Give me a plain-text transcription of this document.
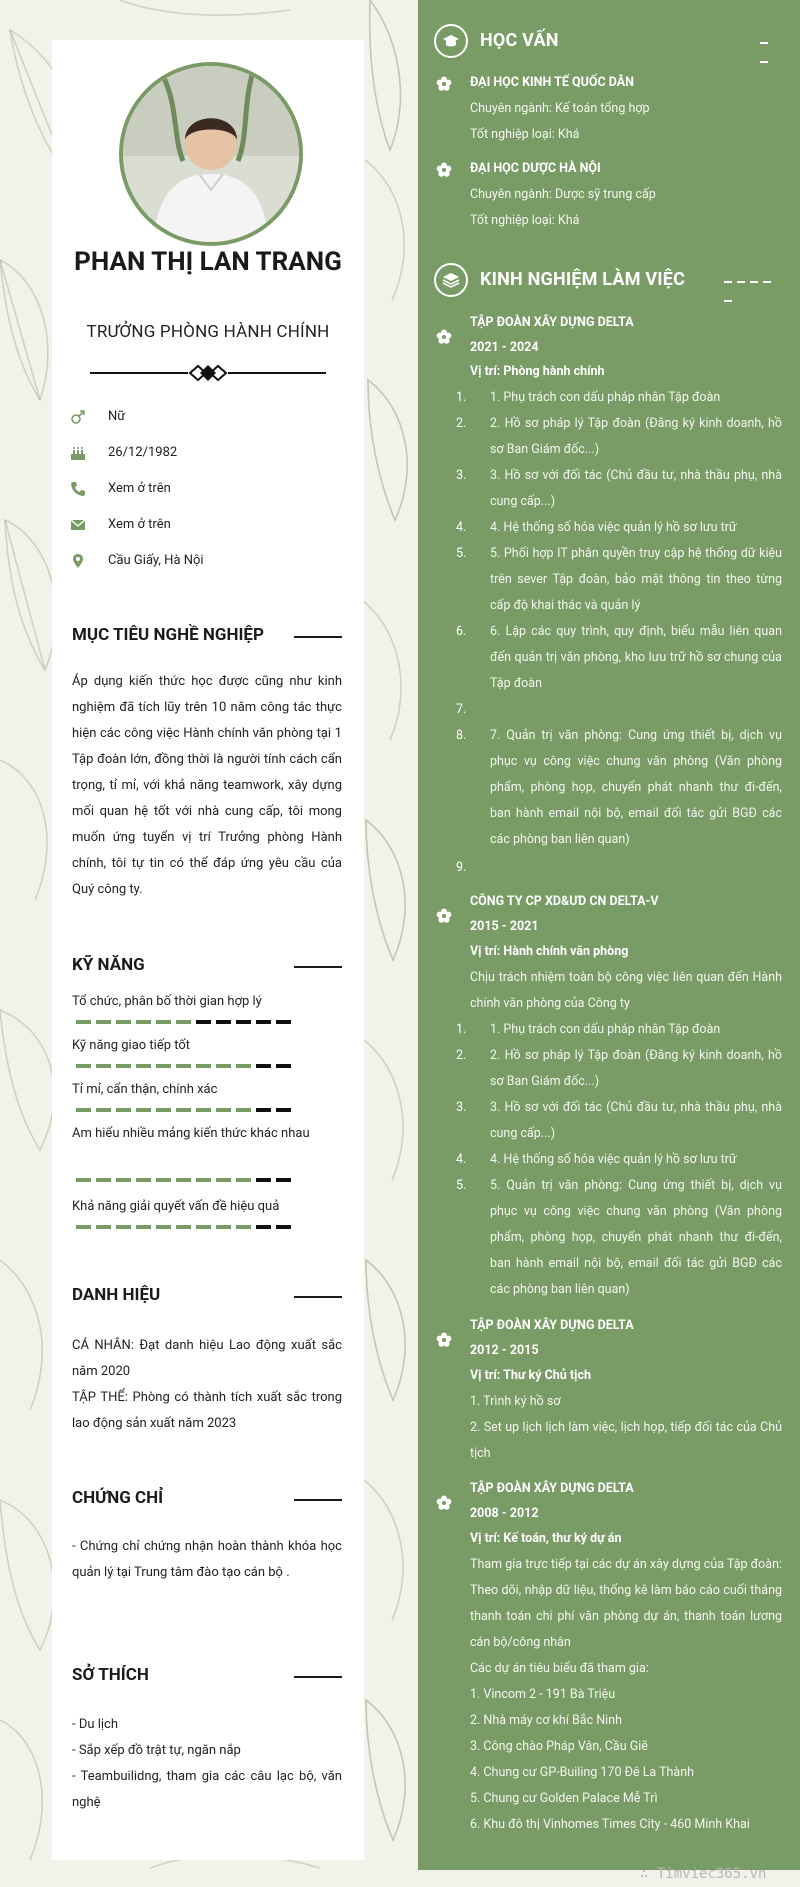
PHAN THỊ LAN TRANG
TRƯỞNG PHÒNG HÀNH CHÍNH
Nữ
26/12/1982
Xem ở trên
Xem ở trên
Cầu Giấy, Hà Nội
MỤC TIÊU NGHỀ NGHIỆP
Áp dụng kiến thức học được cũng như kinh nghiệm đã tích lũy trên 10 năm công tác thực hiện các công việc Hành chính văn phòng tại 1 Tập đoàn lớn, đồng thời là người tính cách cẩn trọng, tỉ mỉ, với khả năng teamwork, xây dựng mối quan hệ tốt với nhà cung cấp, tôi mong muốn ứng tuyển vị trí Trưởng phòng Hành chính, tôi tự tin có thể đáp ứng yêu cầu của Quý công ty.
KỸ NĂNG
Tổ chức, phân bố thời gian hợp lý
Kỹ năng giao tiếp tốt
Tỉ mỉ, cẩn thận, chính xác
Am hiểu nhiều mảng kiến thức khác nhau
Khả năng giải quyết vấn đề hiệu quả
DANH HIỆU
CÁ NHÂN: Đạt danh hiệu Lao động xuất sắc năm 2020
TẬP THỂ: Phòng có thành tích xuất sắc trong lao động sản xuất năm 2023
CHỨNG CHỈ
- Chứng chỉ chứng nhận hoàn thành khóa học quản lý tại Trung tâm đào tạo cán bộ .
SỞ THÍCH
- Du lịch
- Sắp xếp đồ trật tự, ngăn nắp
- Teambuilidng, tham gia các câu lạc bộ, văn nghệ
HỌC VẤN
ĐẠI HỌC KINH TẾ QUỐC DÂN
Chuyên ngành: Kế toán tổng hợp
Tốt nghiệp loại: Khá
ĐẠI HỌC DƯỢC HÀ NỘI
Chuyên ngành: Dược sỹ trung cấp
Tốt nghiệp loại: Khá
KINH NGHIỆM LÀM VIỆC
TẬP ĐOÀN XÂY DỰNG DELTA
2021 - 2024
Vị trí: Phòng hành chính
1. 1. Phụ trách con dấu pháp nhân Tập đoàn
2. 2. Hồ sơ pháp lý Tập đoàn (Đăng ký kinh doanh, hồ sơ Ban Giám đốc...)
3. 3. Hồ sơ với đối tác (Chủ đầu tư, nhà thầu phụ, nhà cung cấp...)
4. 4. Hệ thống số hóa việc quản lý hồ sơ lưu trữ
5. 5. Phối hợp IT phân quyền truy cập hệ thống dữ kiệu trên sever Tập đoàn, bảo mật thông tin theo từng cấp độ khai thác và quản lý
6. 6. Lập các quy trình, quy định, biểu mẫu liên quan đến quản trị văn phòng, kho lưu trữ hồ sơ chung của Tập đoàn
7.
8. 7. Quản trị văn phòng: Cung ứng thiết bị, dịch vụ phục vụ công việc chung văn phòng (Văn phòng phẩm, phòng họp, chuyển phát nhanh thư đi-đến, ban hành email nội bộ, email đối tác gửi BGĐ các các phòng ban liên quan)
9.
CÔNG TY CP XD&ƯD CN DELTA-V
2015 - 2021
Vị trí: Hành chính văn phòng
Chịu trách nhiệm toàn bộ công việc liên quan đến Hành chính văn phòng của Công ty
1. 1. Phụ trách con dấu pháp nhân Tập đoàn
2. 2. Hồ sơ pháp lý Tập đoàn (Đăng ký kinh doanh, hồ sơ Ban Giám đốc...)
3. 3. Hồ sơ với đối tác (Chủ đầu tư, nhà thầu phụ, nhà cung cấp...)
4. 4. Hệ thống số hóa việc quản lý hồ sơ lưu trữ
5. 5. Quản trị văn phòng: Cung ứng thiết bị, dịch vụ phục vụ công việc chung văn phòng (Văn phòng phẩm, phòng họp, chuyển phát nhanh thư đi-đến, ban hành email nội bộ, email đối tác gửi BGĐ các các phòng ban liên quan)
TẬP ĐOÀN XÂY DỰNG DELTA
2012 - 2015
Vị trí: Thư ký Chủ tịch
1. Trình ký hồ sơ
2. Set up lịch lịch làm việc, lịch họp, tiếp đối tác của Chủ tịch
TẬP ĐOÀN XÂY DỰNG DELTA
2008 - 2012
Vị trí: Kế toán, thư ký dự án
Tham gia trực tiếp tại các dự án xây dựng của Tập đoàn: Theo dõi, nhập dữ liệu, thống kê làm báo cáo cuối tháng thanh toán chi phí văn phòng dự án, thanh toán lương cán bộ/công nhân
Các dự án tiêu biểu đã tham gia:
1. Vincom 2 - 191 Bà Triệu
2. Nhà máy cơ khí Bắc Ninh
3. Công chào Pháp Vân, Cầu Giẽ
4. Chung cư GP-Builing 170 Đê La Thành
5. Chung cư Golden Palace Mễ Trì
6. Khu đô thị Vinhomes Times City - 460 Minh Khai
∴ Timviec365.vn
